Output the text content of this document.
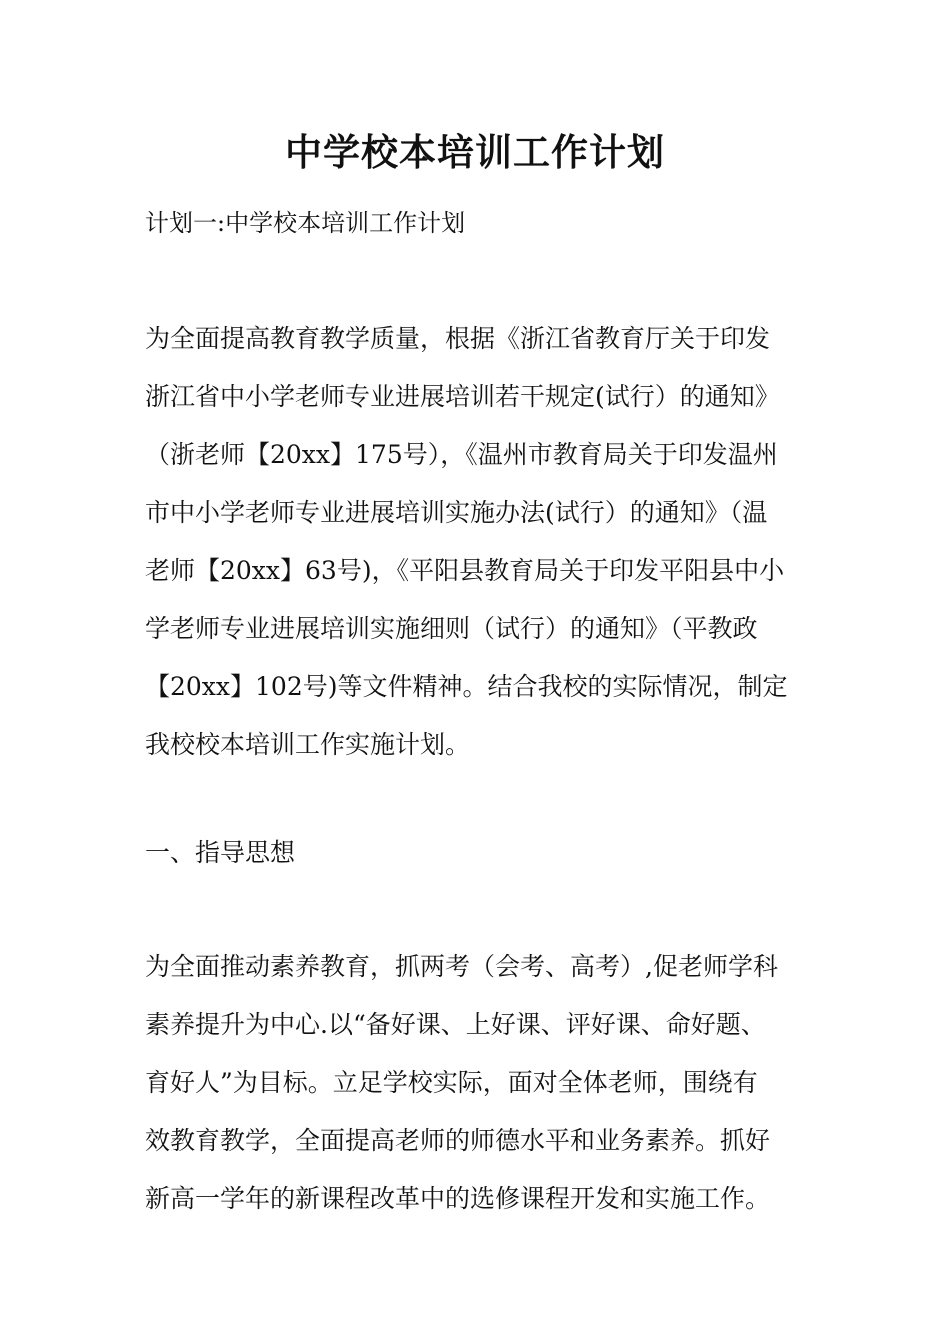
中学校本培训工作计划
计划一:中学校本培训工作计划
为全面提高教育教学质量，根据《浙江省教育厅关于印发
浙江省中小学老师专业进展培训若干规定(试行）的通知》
（浙老师【20xx】175号），《温州市教育局关于印发温州
市中小学老师专业进展培训实施办法(试行）的通知》（温
老师【20xx】63号)，《平阳县教育局关于印发平阳县中小
学老师专业进展培训实施细则（试行）的通知》（平教政
【20xx】102号)等文件精神。结合我校的实际情况，制定
我校校本培训工作实施计划。
一、指导思想
为全面推动素养教育，抓两考（会考、高考）,促老师学科
素养提升为中心.以“备好课、上好课、评好课、命好题、
育好人”为目标。立足学校实际，面对全体老师，围绕有
效教育教学，全面提高老师的师德水平和业务素养。抓好
新高一学年的新课程改革中的选修课程开发和实施工作。
